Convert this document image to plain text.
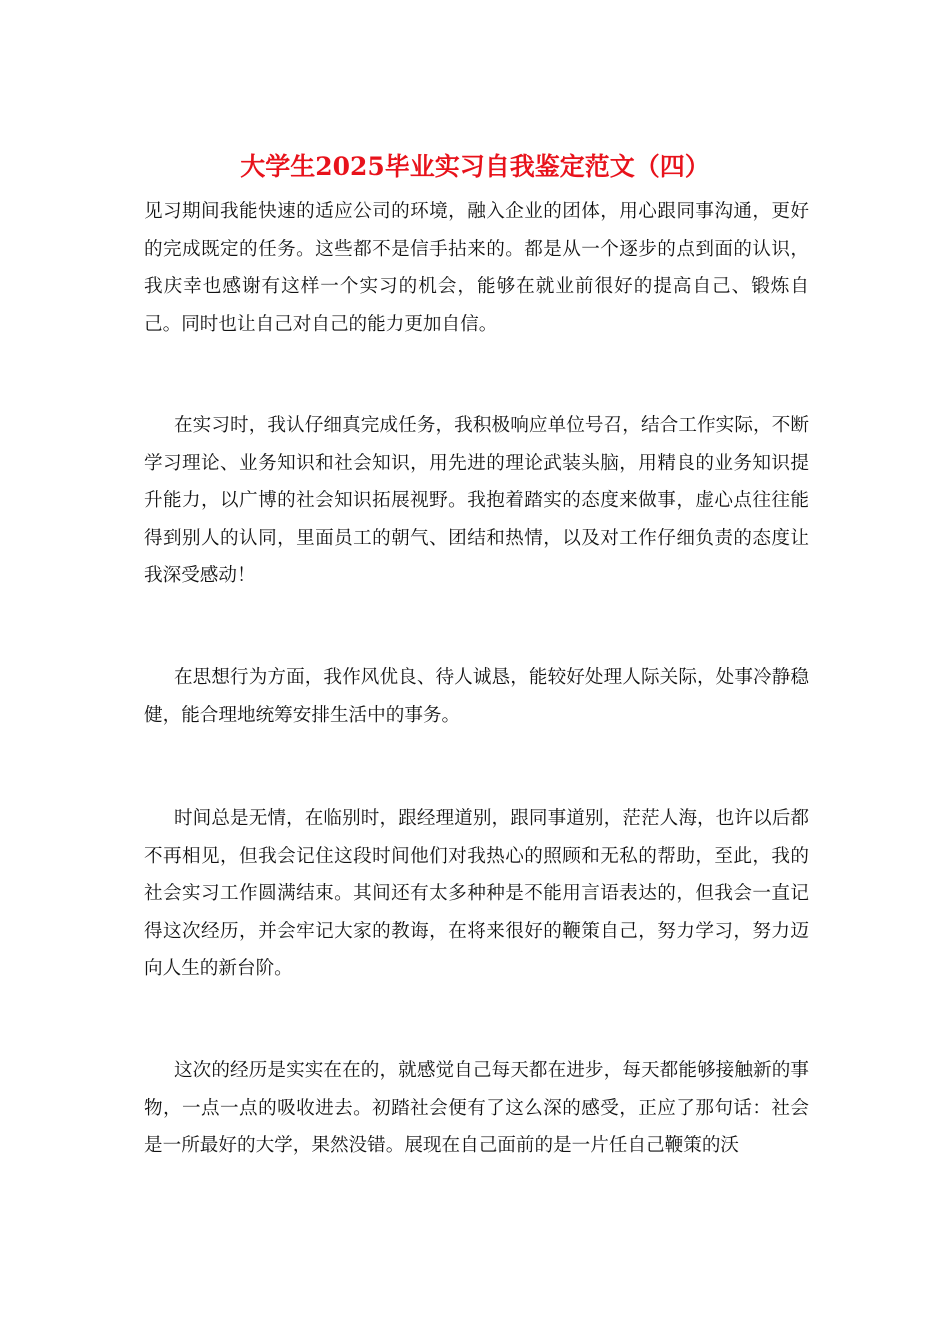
大学生2025毕业实习自我鉴定范文（四）

见习期间我能快速的适应公司的环境，融入企业的团体，用心跟同事沟通，更好的完成既定的任务。这些都不是信手拈来的。都是从一个逐步的点到面的认识，我庆幸也感谢有这样一个实习的机会，能够在就业前很好的提高自己、锻炼自己。同时也让自己对自己的能力更加自信。

在实习时，我认仔细真完成任务，我积极响应单位号召，结合工作实际，不断学习理论、业务知识和社会知识，用先进的理论武装头脑，用精良的业务知识提升能力，以广博的社会知识拓展视野。我抱着踏实的态度来做事，虚心点往往能得到别人的认同，里面员工的朝气、团结和热情，以及对工作仔细负责的态度让我深受感动！

在思想行为方面，我作风优良、待人诚恳，能较好处理人际关际，处事冷静稳健，能合理地统筹安排生活中的事务。

时间总是无情，在临别时，跟经理道别，跟同事道别，茫茫人海，也许以后都不再相见，但我会记住这段时间他们对我热心的照顾和无私的帮助，至此，我的社会实习工作圆满结束。其间还有太多种种是不能用言语表达的，但我会一直记得这次经历，并会牢记大家的教诲，在将来很好的鞭策自己，努力学习，努力迈向人生的新台阶。

这次的经历是实实在在的，就感觉自己每天都在进步，每天都能够接触新的事物，一点一点的吸收进去。初踏社会便有了这么深的感受，正应了那句话：社会是一所最好的大学，果然没错。展现在自己面前的是一片任自己鞭策的沃
